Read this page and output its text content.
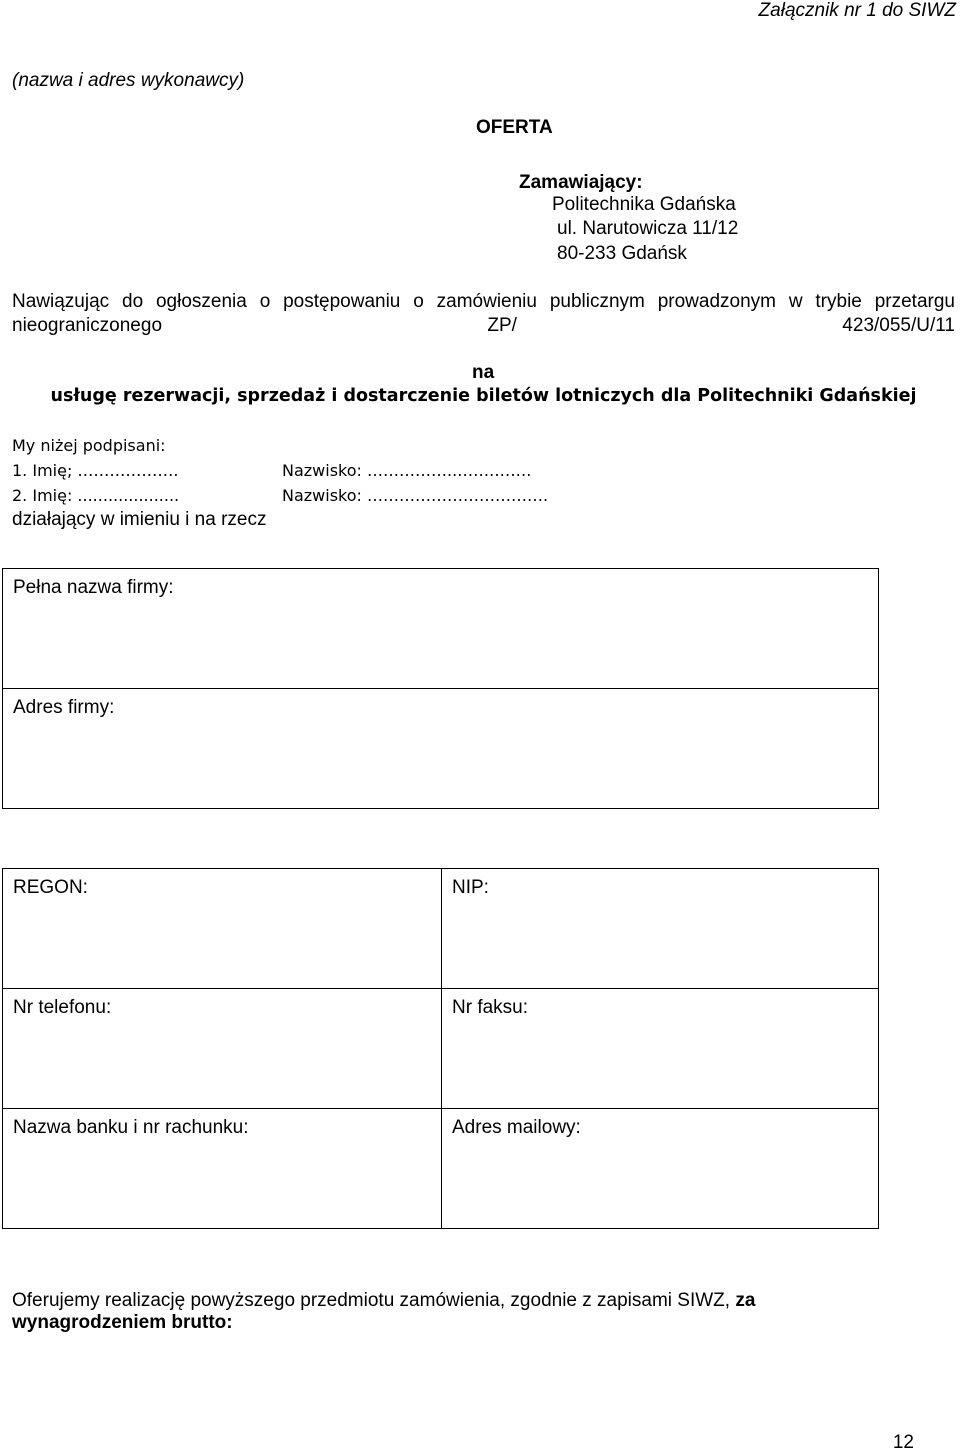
Załącznik nr 1 do SIWZ
(nazwa i adres wykonawcy)
OFERTA
Zamawiający:
Politechnika Gdańska
ul. Narutowicza 11/12
80-233 Gdańsk
Nawiązując do ogłoszenia o postępowaniu o zamówieniu publicznym prowadzonym w trybie przetargu nieograniczonego ZP/ 423/055/U/11
na
usługę rezerwacji, sprzedaż i dostarczenie biletów lotniczych dla Politechniki Gdańskiej
My niżej podpisani:
1. Imię; ……………….	Nazwisko: ……………..…….…….
2. Imię: ....................	Nazwisko: …………………………….
działający w imieniu i na rzecz
Pełna nazwa firmy:
Adres firmy:
REGON:	NIP:
Nr telefonu:	Nr faksu:
Nazwa banku i nr rachunku:	Adres mailowy:
Oferujemy realizację powyższego przedmiotu zamówienia, zgodnie z zapisami SIWZ, za wynagrodzeniem brutto:
12
